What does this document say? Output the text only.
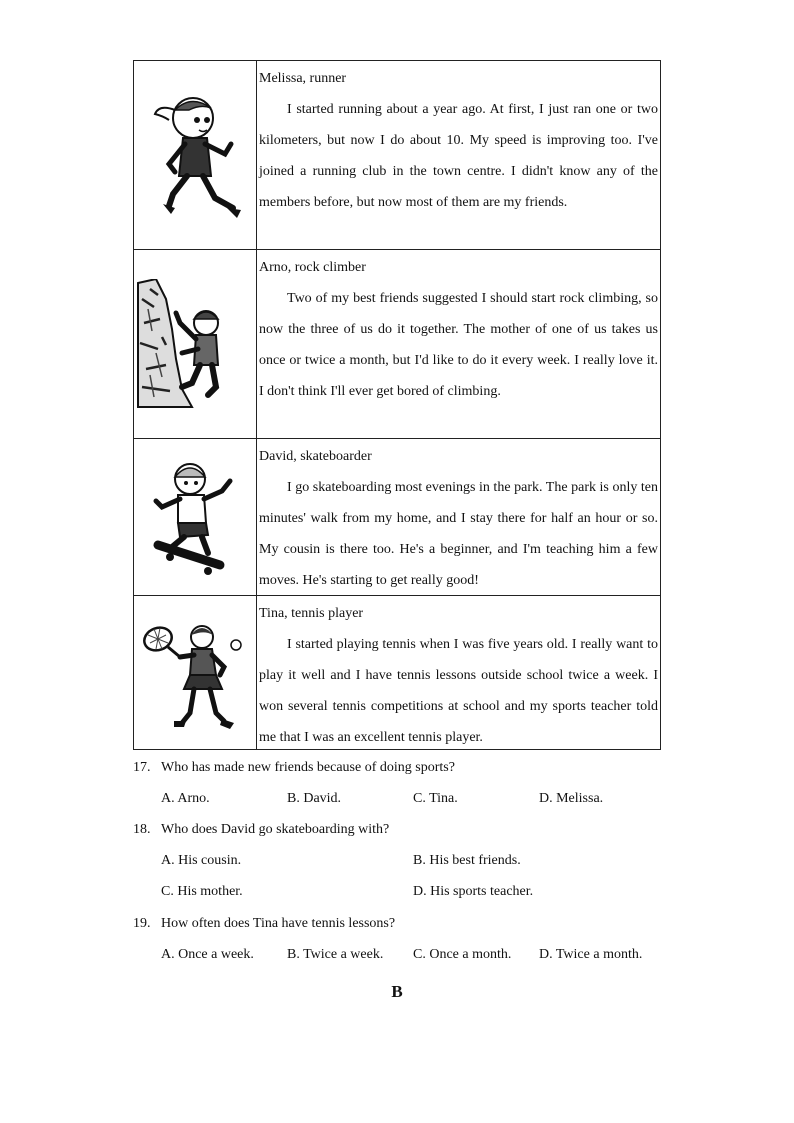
Melissa, runner
I started running about a year ago. At first, I just ran one or two kilometers, but now I do about 10. My speed is improving too. I've joined a running club in the town centre. I didn't know any of the members before, but now most of them are my friends.
Arno, rock climber
Two of my best friends suggested I should start rock climbing, so now the three of us do it together. The mother of one of us takes us once or twice a month, but I'd like to do it every week. I really love it. I don't think I'll ever get bored of climbing.
David, skateboarder
I go skateboarding most evenings in the park. The park is only ten minutes' walk from my home, and I stay there for half an hour or so. My cousin is there too. He's a beginner, and I'm teaching him a few moves. He's starting to get really good!
Tina, tennis player
I started playing tennis when I was five years old. I really want to play it well and I have tennis lessons outside school twice a week. I won several tennis competitions at school and my sports teacher told me that I was an excellent tennis player.
17. Who has made new friends because of doing sports?
A. Arno.	B. David.	C. Tina.	D. Melissa.
18. Who does David go skateboarding with?
A. His cousin.	B. His best friends.
C. His mother.	D. His sports teacher.
19. How often does Tina have tennis lessons?
A. Once a week. B. Twice a week. C. Once a month. D. Twice a month.
B
